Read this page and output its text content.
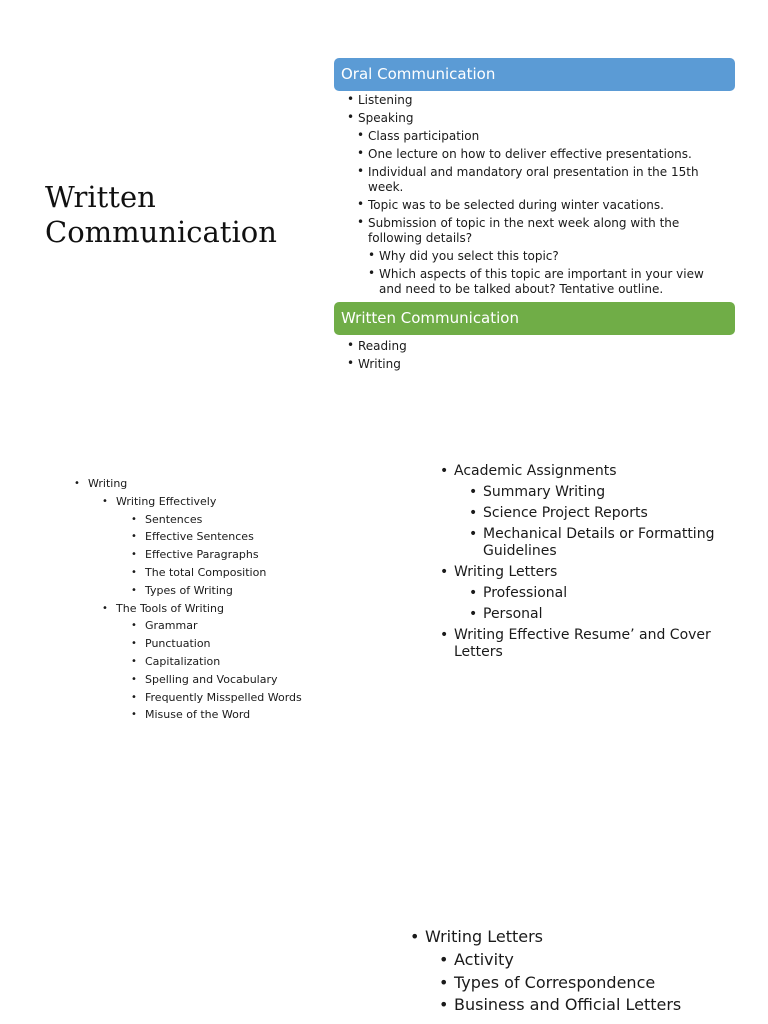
Written
Communication
Oral Communication
• Listening
• Speaking
• Class participation
• One lecture on how to deliver effective presentations.
• Individual and mandatory oral presentation in the 15th week.
• Topic was to be selected during winter vacations.
• Submission of topic in the next week along with the following details?
• Why did you select this topic?
• Which aspects of this topic are important in your view and need to be talked about? Tentative outline.
Written Communication
• Reading
• Writing
• Writing
• Writing Effectively
• Sentences
• Effective Sentences
• Effective Paragraphs
• The total Composition
• Types of Writing
• The Tools of Writing
• Grammar
• Punctuation
• Capitalization
• Spelling and Vocabulary
• Frequently Misspelled Words
• Misuse of the Word
• Academic Assignments
• Summary Writing
• Science Project Reports
• Mechanical Details or Formatting Guidelines
• Writing Letters
• Professional
• Personal
• Writing Effective Resume’ and Cover Letters
• Writing Letters
• Activity
• Types of Correspondence
• Business and Official Letters
